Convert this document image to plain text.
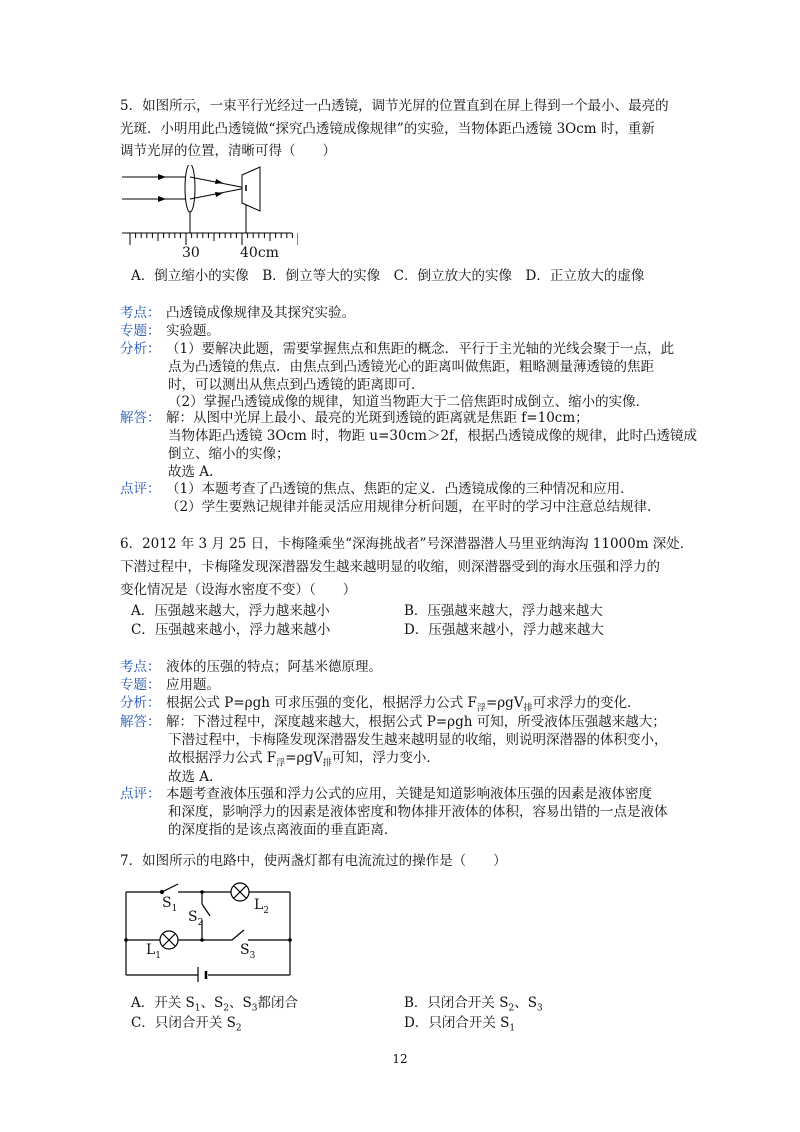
5．如图所示，一束平行光经过一凸透镜，调节光屏的位置直到在屏上得到一个最小、最亮的
光斑．小明用此凸透镜做“探究凸透镜成像规律”的实验，当物体距凸透镜 3Ocm 时，重新
调节光屏的位置，清晰可得（　　）
30	40cm
A．倒立缩小的实像　B．倒立等大的实像　C．倒立放大的实像　D．正立放大的虚像
考点： 凸透镜成像规律及其探究实验。
专题： 实验题。
分析： （1）要解决此题，需要掌握焦点和焦距的概念．平行于主光轴的光线会聚于一点，此
点为凸透镜的焦点．由焦点到凸透镜光心的距离叫做焦距，粗略测量薄透镜的焦距
时，可以测出从焦点到凸透镜的距离即可．
（2）掌握凸透镜成像的规律，知道当物距大于二倍焦距时成倒立、缩小的实像．
解答： 解：从图中光屏上最小、最亮的光斑到透镜的距离就是焦距 f=10cm；
当物体距凸透镜 3Ocm 时，物距 u=30cm＞2f，根据凸透镜成像的规律，此时凸透镜成
倒立、缩小的实像；
故选 A.
点评： （1）本题考查了凸透镜的焦点、焦距的定义．凸透镜成像的三种情况和应用．
（2）学生要熟记规律并能灵活应用规律分析问题，在平时的学习中注意总结规律．
6．2012 年 3 月 25 日，卡梅隆乘坐“深海挑战者”号深潜器潜人马里亚纳海沟 11000m 深处．
下潜过程中，卡梅隆发现深潜器发生越来越明显的收缩，则深潜器受到的海水压强和浮力的
变化情况是（设海水密度不变）（　　）
A．压强越来越大，浮力越来越小	B．压强越来越大，浮力越来越大
C．压强越来越小，浮力越来越小	D．压强越来越小，浮力越来越大
考点： 液体的压强的特点；阿基米德原理。
专题： 应用题。
分析： 根据公式 P=ρgh 可求压强的变化，根据浮力公式 $F_浮=\rho gV_排$可求浮力的变化．
解答： 解：下潜过程中，深度越来越大，根据公式 P=ρgh 可知，所受液体压强越来越大；
下潜过程中，卡梅隆发现深潜器发生越来越明显的收缩，则说明深潜器的体积变小，
故根据浮力公式 $F_浮=\rho gV_排$可知，浮力变小．
故选 A.
点评： 本题考查液体压强和浮力公式的应用，关键是知道影响液体压强的因素是液体密度
和深度，影响浮力的因素是液体密度和物体排开液体的体积，容易出错的一点是液体
的深度指的是该点离液面的垂直距离．
7．如图所示的电路中，使两盏灯都有电流流过的操作是（　　）
$S_1$
$S_2$
$L_2$
$L_1$	$S_3$
A．开关 $S_1$、$S_2$、$S_3$都闭合	B．只闭合开关 $S_2$、$S_3$
C．只闭合开关 $S_2$	D．只闭合开关 $S_1$
12
